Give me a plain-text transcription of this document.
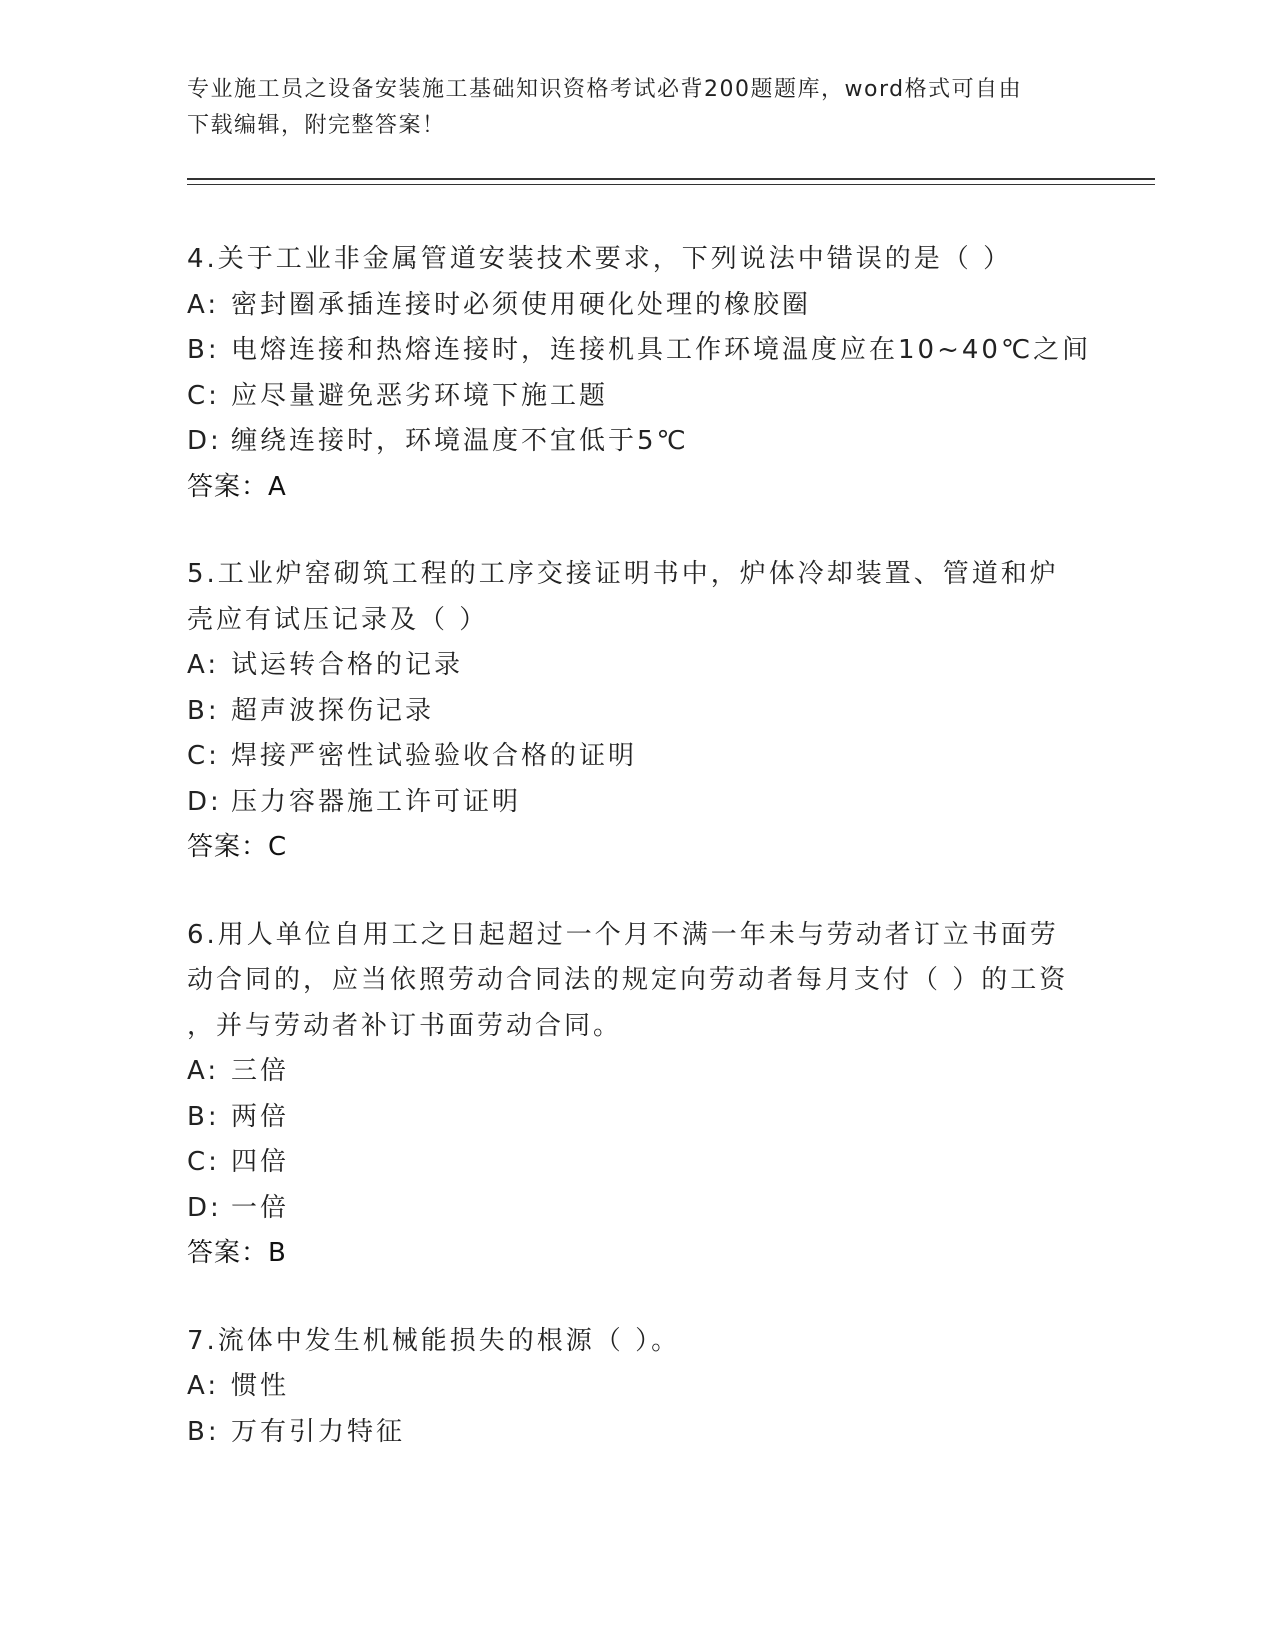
专业施工员之设备安装施工基础知识资格考试必背200题题库，word格式可自由
下载编辑，附完整答案！
4.关于工业非金属管道安装技术要求，下列说法中错误的是（ ）
A: 密封圈承插连接时必须使用硬化处理的橡胶圈
B: 电熔连接和热熔连接时，连接机具工作环境温度应在10~40℃之间
C: 应尽量避免恶劣环境下施工题
D: 缠绕连接时，环境温度不宜低于5℃
答案：A
5.工业炉窑砌筑工程的工序交接证明书中，炉体冷却装置、管道和炉
壳应有试压记录及（ ）
A: 试运转合格的记录
B: 超声波探伤记录
C: 焊接严密性试验验收合格的证明
D: 压力容器施工许可证明
答案：C
6.用人单位自用工之日起超过一个月不满一年未与劳动者订立书面劳
动合同的，应当依照劳动合同法的规定向劳动者每月支付（ ）的工资
，并与劳动者补订书面劳动合同。
A: 三倍
B: 两倍
C: 四倍
D: 一倍
答案：B
7.流体中发生机械能损失的根源（ ）。
A: 惯性
B: 万有引力特征
